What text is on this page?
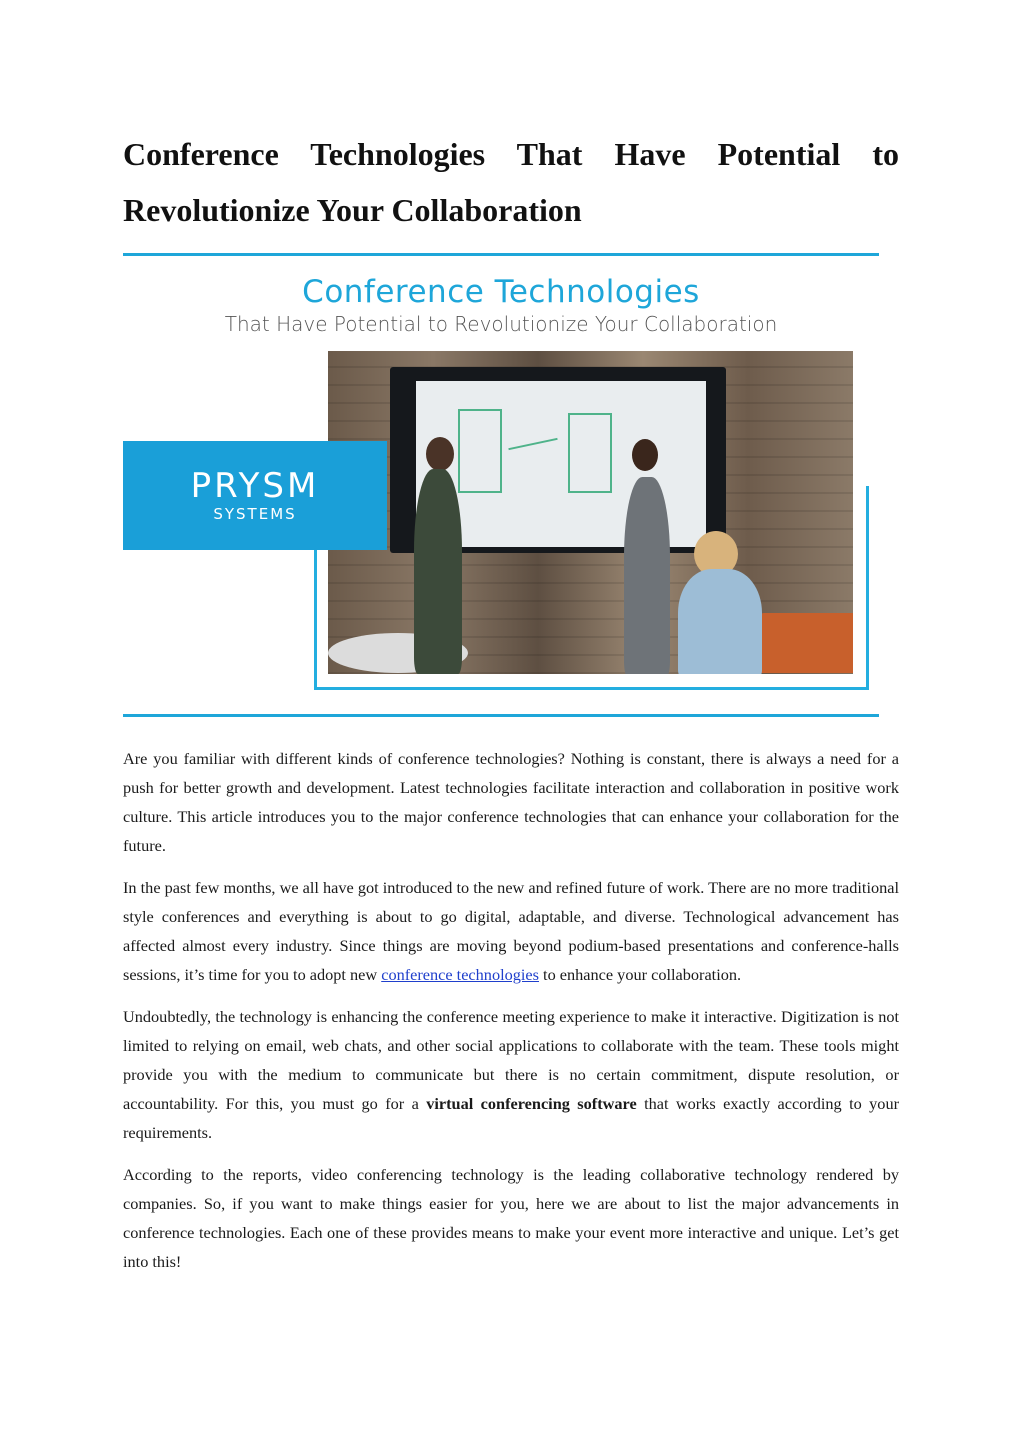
Conference Technologies That Have Potential to Revolutionize Your Collaboration
Conference Technologies
That Have Potential to Revolutionize Your Collaboration
PRYSM
SYSTEMS

Are you familiar with different kinds of conference technologies? Nothing is constant, there is always a need for a push for better growth and development. Latest technologies facilitate interaction and collaboration in positive work culture. This article introduces you to the major conference technologies that can enhance your collaboration for the future.

In the past few months, we all have got introduced to the new and refined future of work. There are no more traditional style conferences and everything is about to go digital, adaptable, and diverse. Technological advancement has affected almost every industry. Since things are moving beyond podium-based presentations and conference-halls sessions, it’s time for you to adopt new conference technologies to enhance your collaboration.

Undoubtedly, the technology is enhancing the conference meeting experience to make it interactive. Digitization is not limited to relying on email, web chats, and other social applications to collaborate with the team. These tools might provide you with the medium to communicate but there is no certain commitment, dispute resolution, or accountability. For this, you must go for a virtual conferencing software that works exactly according to your requirements.

According to the reports, video conferencing technology is the leading collaborative technology rendered by companies. So, if you want to make things easier for you, here we are about to list the major advancements in conference technologies. Each one of these provides means to make your event more interactive and unique. Let’s get into this!
